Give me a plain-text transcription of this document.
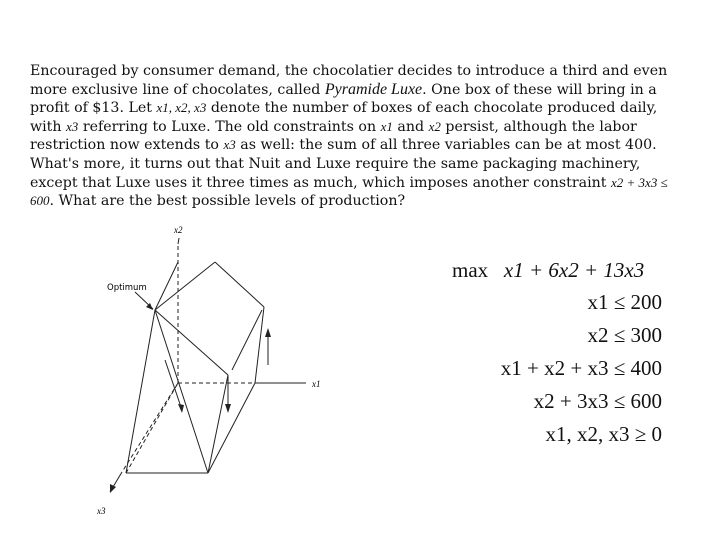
Encouraged by consumer demand, the chocolatier decides to introduce a third and even more exclusive line of chocolates, called Pyramide Luxe. One box of these will bring in a profit of $13. Let x1, x2, x3 denote the number of boxes of each chocolate produced daily, with x3 referring to Luxe. The old constraints on x1 and x2 persist, although the labor restriction now extends to x3 as well: the sum of all three variables can be at most 400. What's more, it turns out that Nuit and Luxe require the same packaging machinery, except that Luxe uses it three times as much, which imposes another constraint x2 + 3x3 ≤ 600. What are the best possible levels of production?

x2
x1
x3
Optimum
max x1 + 6x2 + 13x3
x1 ≤ 200
x2 ≤ 300
x1 + x2 + x3 ≤ 400
x2 + 3x3 ≤ 600
x1, x2, x3 ≥ 0
